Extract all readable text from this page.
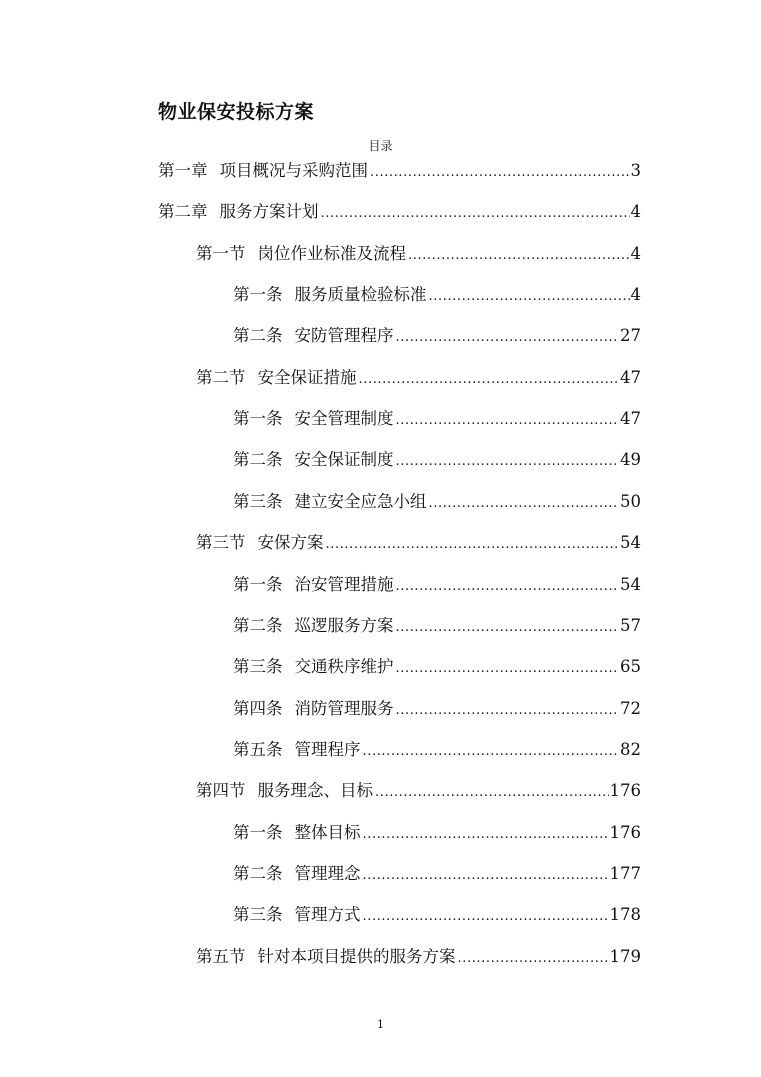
物业保安投标方案
目录
第一章 项目概况与采购范围 .....	3
第二章 服务方案计划 .....	4
第一节 岗位作业标准及流程 .....	4
第一条 服务质量检验标准 .....	4
第二条 安防管理程序 .....	27
第二节 安全保证措施 .....	47
第一条 安全管理制度 .....	47
第二条 安全保证制度 .....	49
第三条 建立安全应急小组 .....	50
第三节 安保方案 .....	54
第一条 治安管理措施 .....	54
第二条 巡逻服务方案 .....	57
第三条 交通秩序维护 .....	65
第四条 消防管理服务 .....	72
第五条 管理程序 .....	82
第四节 服务理念、目标 .....	176
第一条 整体目标 .....	176
第二条 管理理念 .....	177
第三条 管理方式 .....	178
第五节 针对本项目提供的服务方案 .....	179
1
